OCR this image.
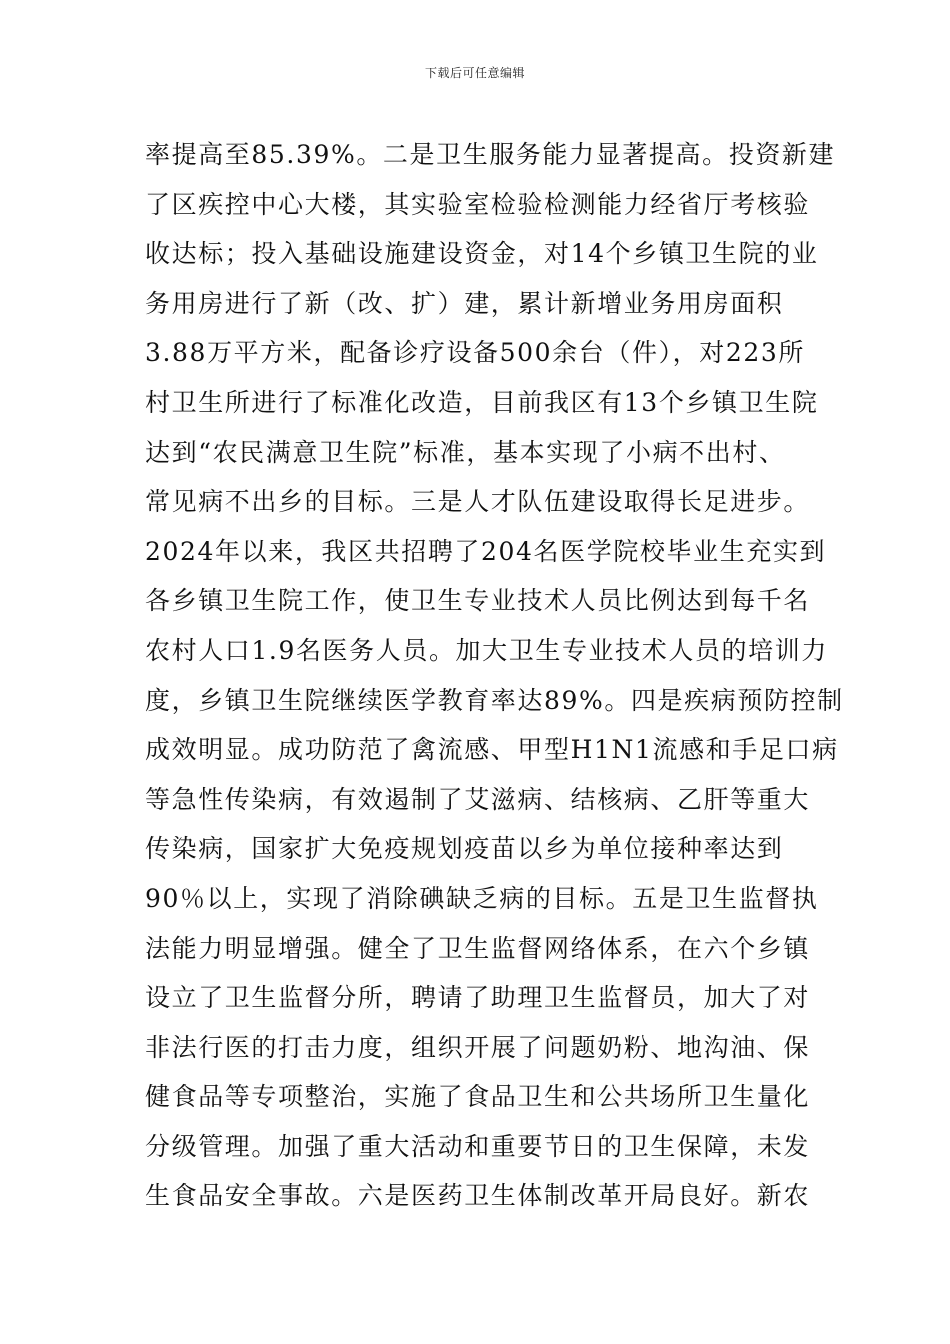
下载后可任意编辑
率提高至85.39%。二是卫生服务能力显著提高。投资新建
了区疾控中心大楼，其实验室检验检测能力经省厅考核验
收达标；投入基础设施建设资金，对14个乡镇卫生院的业
务用房进行了新（改、扩）建，累计新增业务用房面积
3.88万平方米，配备诊疗设备500余台（件），对223所
村卫生所进行了标准化改造，目前我区有13个乡镇卫生院
达到“农民满意卫生院”标准，基本实现了小病不出村、
常见病不出乡的目标。三是人才队伍建设取得长足进步。
2024年以来，我区共招聘了204名医学院校毕业生充实到
各乡镇卫生院工作，使卫生专业技术人员比例达到每千名
农村人口1.9名医务人员。加大卫生专业技术人员的培训力
度，乡镇卫生院继续医学教育率达89%。四是疾病预防控制
成效明显。成功防范了禽流感、甲型H1N1流感和手足口病
等急性传染病，有效遏制了艾滋病、结核病、乙肝等重大
传染病，国家扩大免疫规划疫苗以乡为单位接种率达到
90％以上，实现了消除碘缺乏病的目标。五是卫生监督执
法能力明显增强。健全了卫生监督网络体系，在六个乡镇
设立了卫生监督分所，聘请了助理卫生监督员，加大了对
非法行医的打击力度，组织开展了问题奶粉、地沟油、保
健食品等专项整治，实施了食品卫生和公共场所卫生量化
分级管理。加强了重大活动和重要节日的卫生保障，未发
生食品安全事故。六是医药卫生体制改革开局良好。新农
